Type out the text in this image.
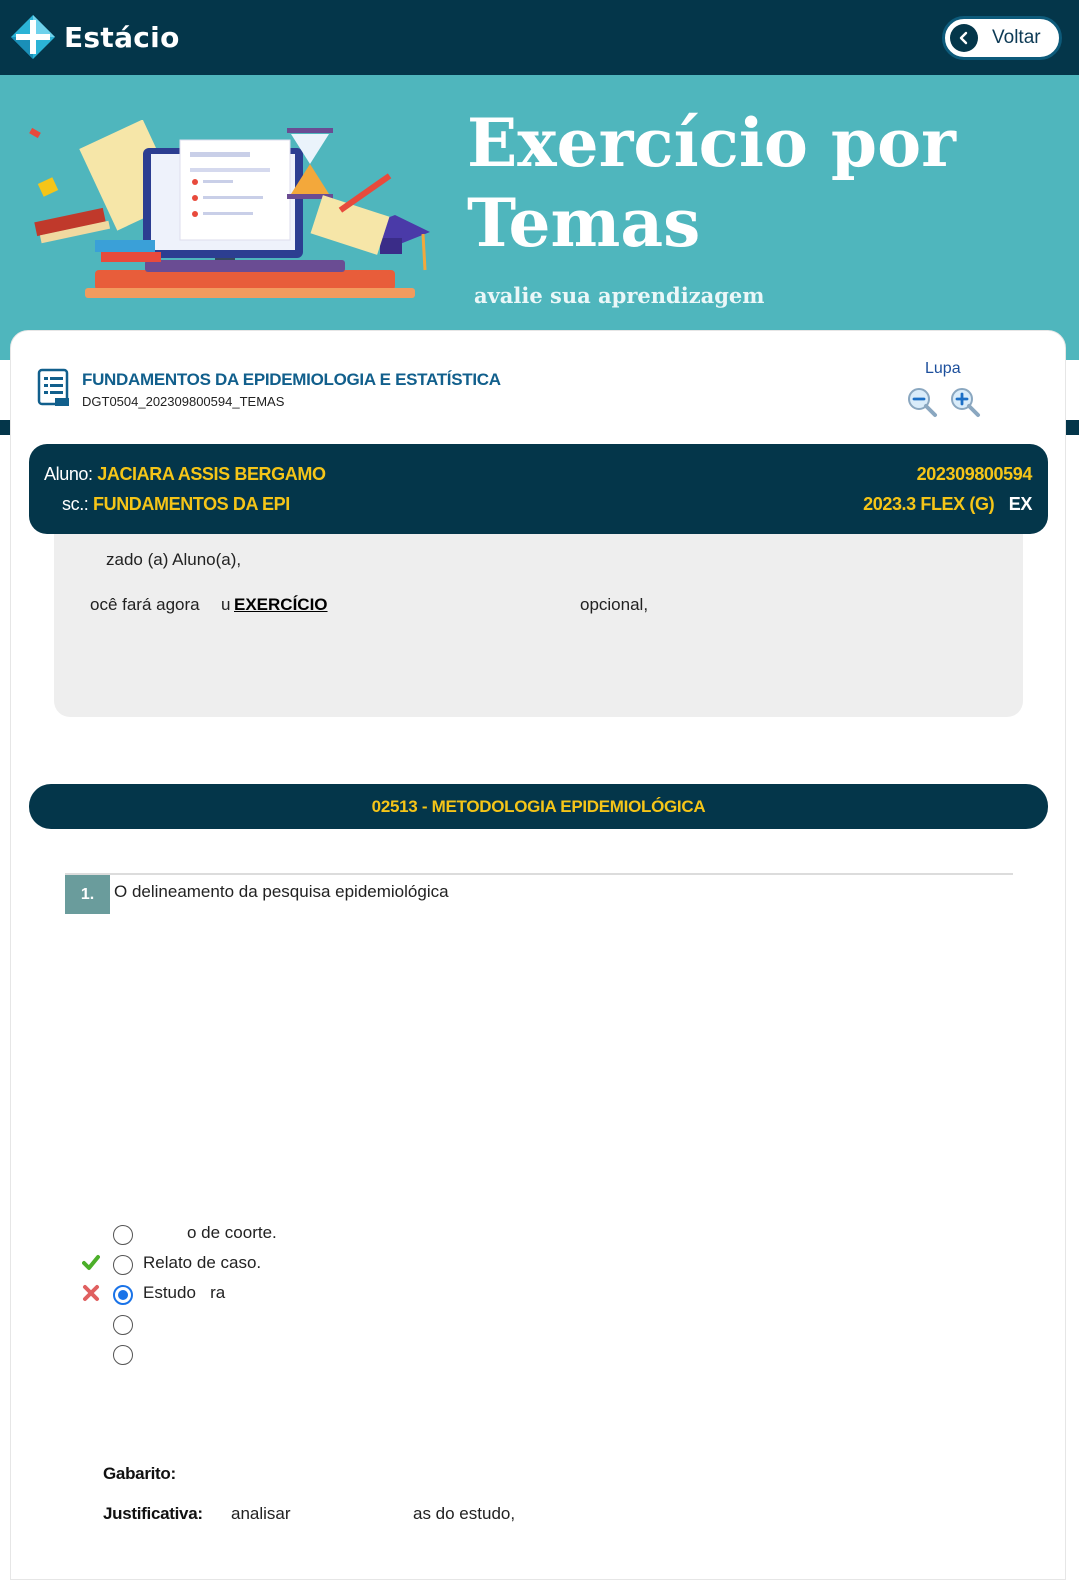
Estácio	Voltar
Exercício por Temas
avalie sua aprendizagem
FUNDAMENTOS DA EPIDEMIOLOGIA E ESTATÍSTICA
DGT0504_202309800594_TEMAS
Lupa
Aluno: JACIARA ASSIS BERGAMO	202309800594
sc.: FUNDAMENTOS DA EPI	2023.3 FLEX (G) EX
zado (a) Aluno(a),
ocê fará agora u EXERCÍCIO	opcional,
02513 - METODOLOGIA EPIDEMIOLÓGICA
1.	O delineamento da pesquisa epidemiológica
o de coorte.
Relato de caso.
Estudo   ra
Gabarito:
Justificativa: analisar	as do estudo,
